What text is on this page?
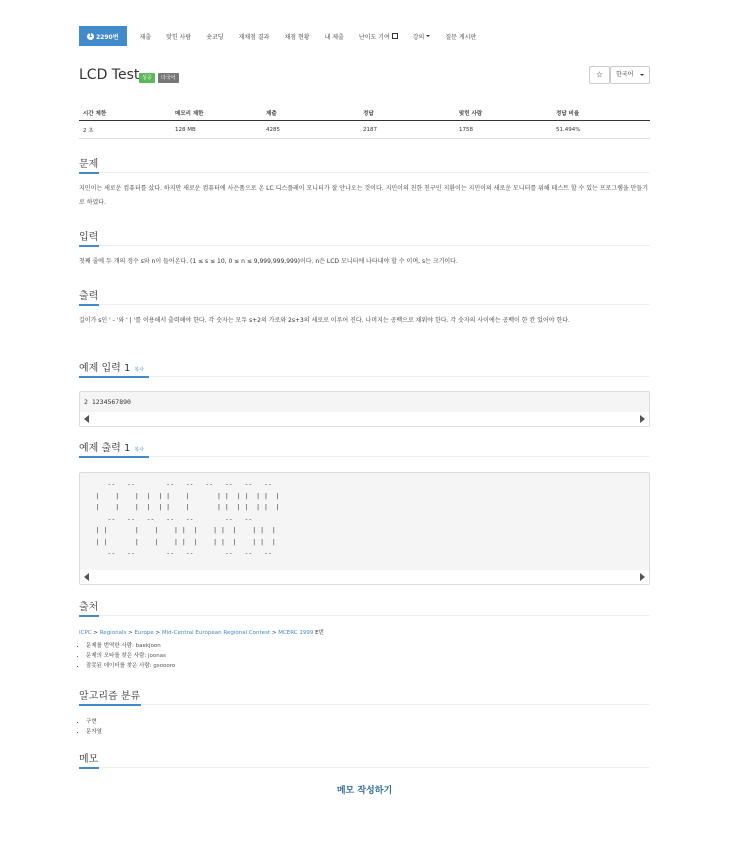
1 2290번	제출	맞힌 사람	숏코딩	재채점 결과	채점 현황	내 제출	난이도 기여	강의	질문 게시판
LCD Test 성공	다국어	☆	한국어
시간 제한	메모리 제한	제출	정답	맞힌 사람	정답 비율
2 초	128 MB	4285	2187	1758	51.494%
문제
지민이는 새로운 컴퓨터를 샀다. 하지만 새로운 컴퓨터에 사은품으로 온 LC 디스플레이 모니터가 잘 안나오는 것이다. 지민이의 친한 친구인 지환이는 지민이의 새로운 모니터를 위해 테스트 할 수 있는 프로그램을 만들기로 하였다.
입력
첫째 줄에 두 개의 정수 s와 n이 들어온다. (1 ≤ s ≤ 10, 0 ≤ n ≤ 9,999,999,999)이다. n은 LCD 모니터에 나타내야 할 수 이며, s는 크기이다.
출력
길이가 s인 ' - '와 ' | '를 이용해서 출력해야 한다. 각 숫자는 모두 s+2의 가로와 2s+3의 세로로 이루어 진다. 나머지는 공백으로 채워야 한다. 각 숫자의 사이에는 공백이 한 칸 있어야 한다.
예제 입력 1 복사
2 1234567890
예제 출력 1 복사
--   --        --   --   --   --   --   --
|    |    |  |  | |    |       | |  | |  | |  |
|    |    |  |  | |    |       | |  | |  | |  |
--   --   --   --   --        --   --
| |       |    |    | |  |    | |  |    | |  |
| |       |    |    | |  |    | |  |    | |  |
--   --        --   --        --   --   --
출처
ICPC > Regionals > Europe > Mid-Central European Regional Contest > MCERC 1999 E번
• 문제를 번역한 사람: baekjoon
• 문제의 오타를 찾은 사람: joonas
• 잘못된 데이터를 찾은 사람: gsoooro
알고리즘 분류
• 구현
• 문자열
메모
메모 작성하기
